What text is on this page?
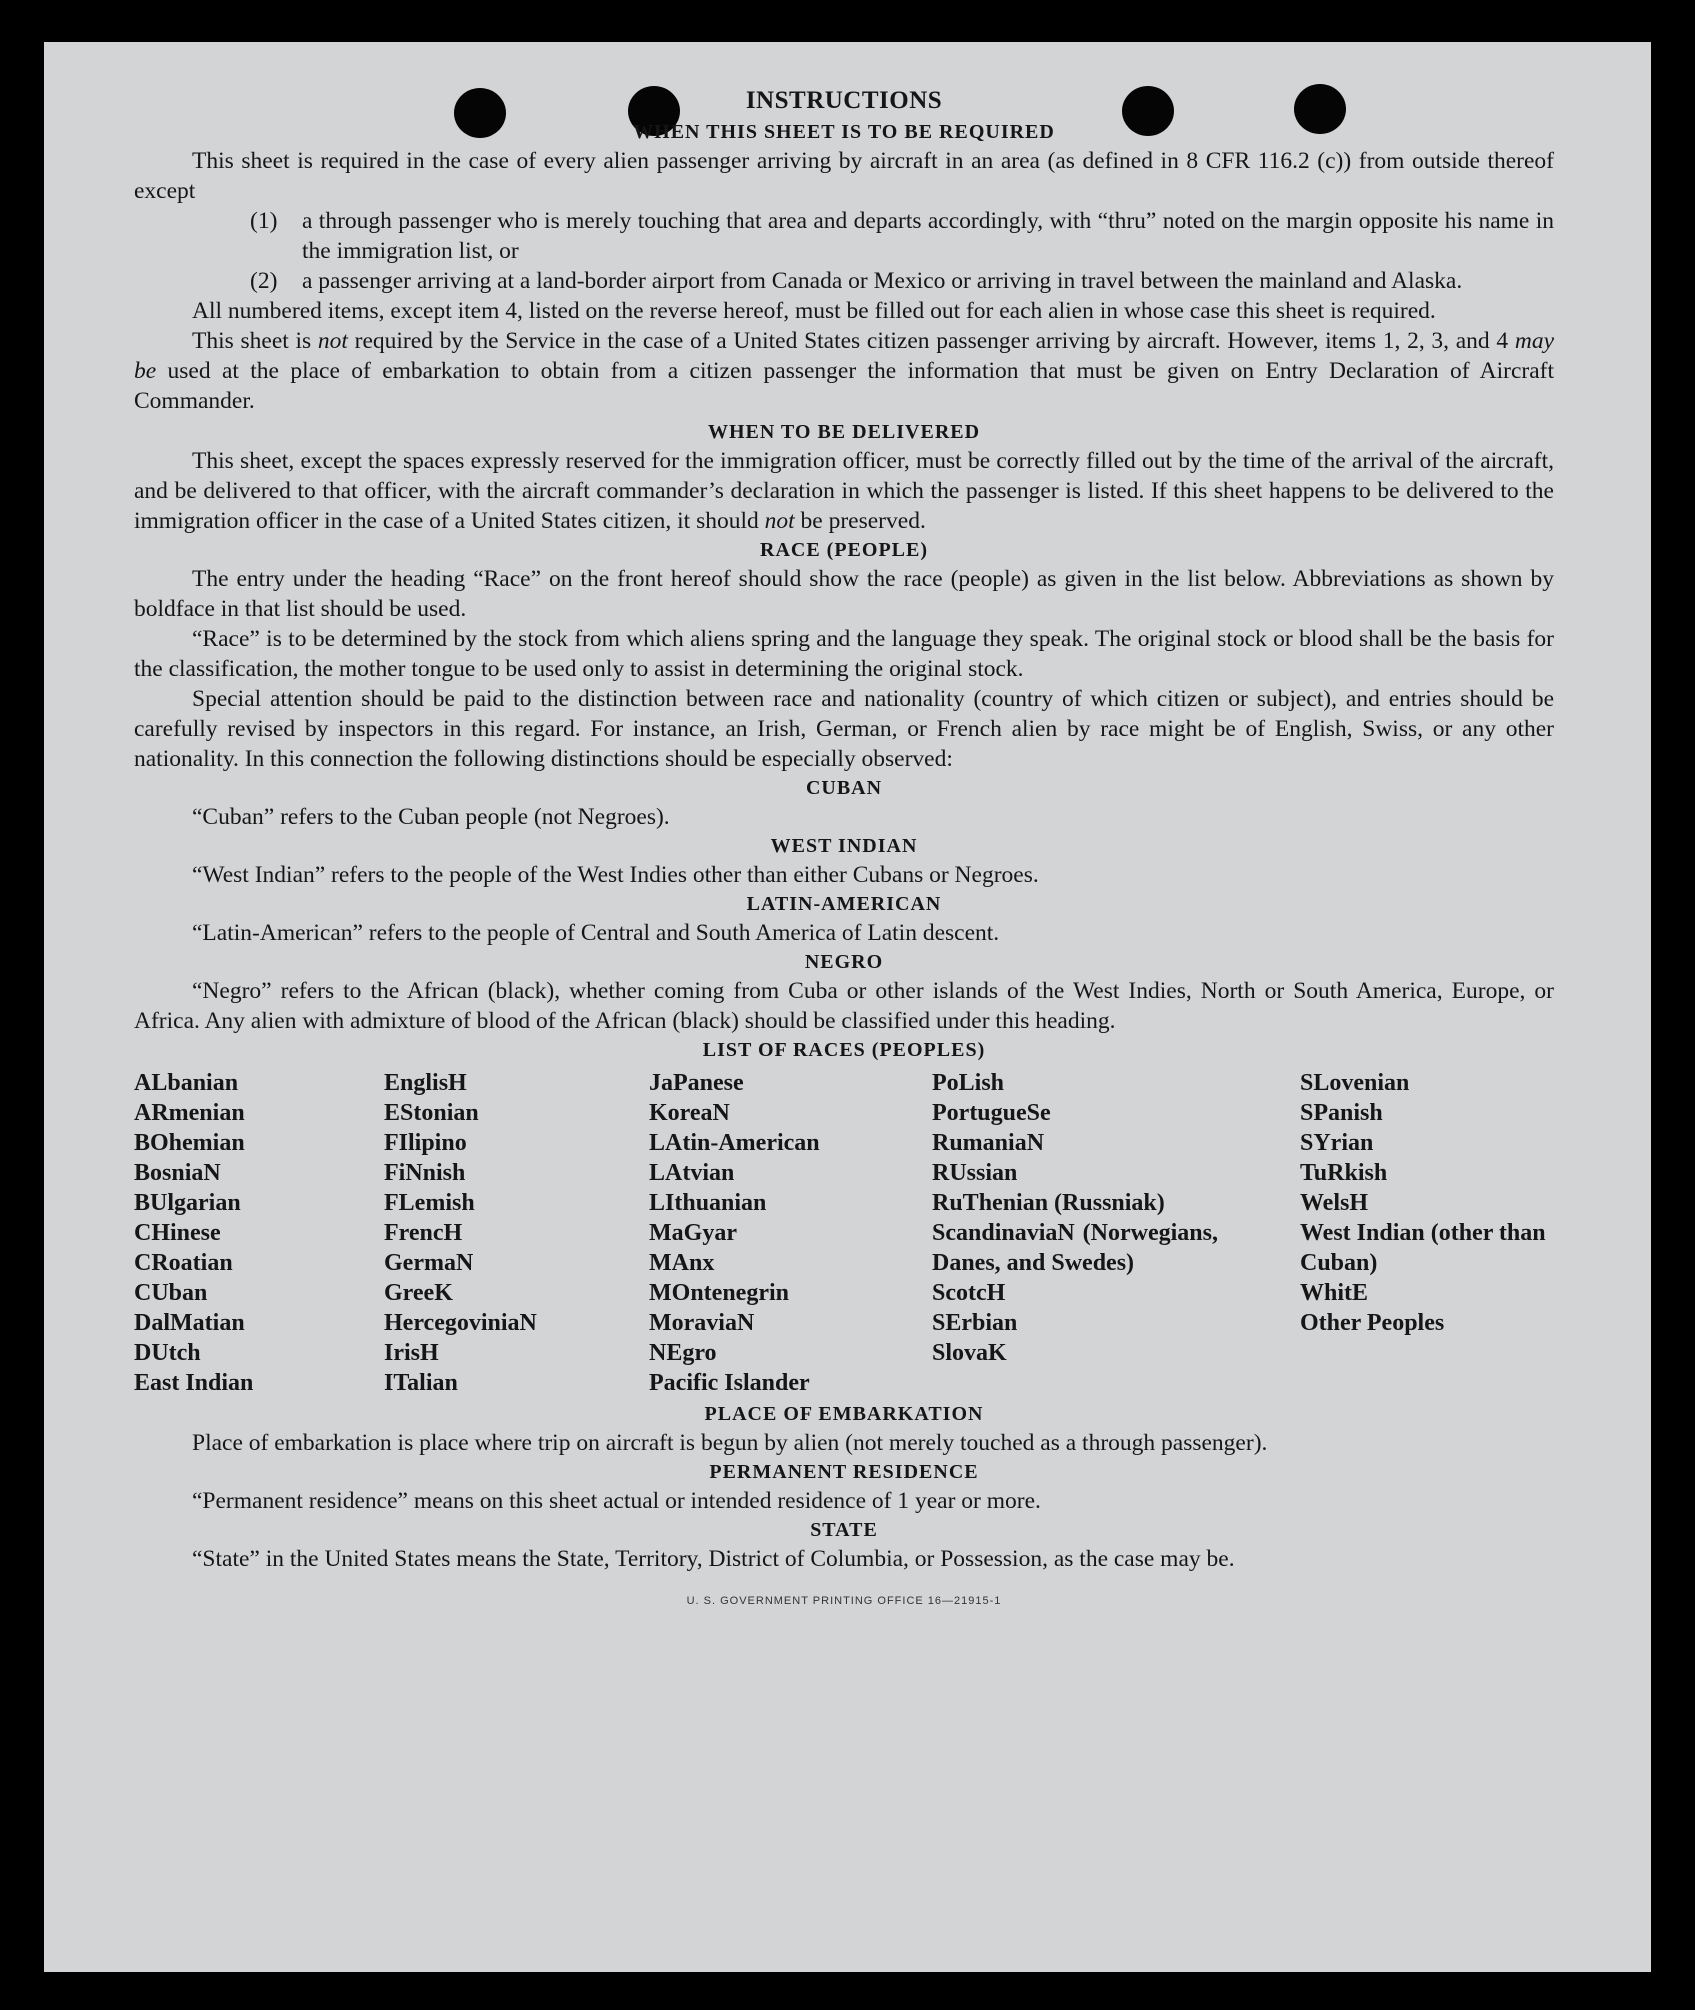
INSTRUCTIONS
WHEN THIS SHEET IS TO BE REQUIRED

This sheet is required in the case of every alien passenger arriving by aircraft in an area (as defined in 8 CFR 116.2 (c)) from outside thereof except

(1)	a through passenger who is merely touching that area and departs accordingly, with “thru” noted on the margin opposite his name in the immigration list, or
(2)	a passenger arriving at a land-border airport from Canada or Mexico or arriving in travel between the mainland and Alaska.

All numbered items, except item 4, listed on the reverse hereof, must be filled out for each alien in whose case this sheet is required.

This sheet is not required by the Service in the case of a United States citizen passenger arriving by aircraft. However, items 1, 2, 3, and 4 may be used at the place of embarkation to obtain from a citizen passenger the information that must be given on Entry Declaration of Aircraft Commander.

WHEN TO BE DELIVERED

This sheet, except the spaces expressly reserved for the immigration officer, must be correctly filled out by the time of the arrival of the aircraft, and be delivered to that officer, with the aircraft commander’s declaration in which the passenger is listed. If this sheet happens to be delivered to the immigration officer in the case of a United States citizen, it should not be preserved.

RACE (PEOPLE)

The entry under the heading “Race” on the front hereof should show the race (people) as given in the list below. Abbreviations as shown by boldface in that list should be used.

“Race” is to be determined by the stock from which aliens spring and the language they speak. The original stock or blood shall be the basis for the classification, the mother tongue to be used only to assist in determining the original stock.

Special attention should be paid to the distinction between race and nationality (country of which citizen or subject), and entries should be carefully revised by inspectors in this regard. For instance, an Irish, German, or French alien by race might be of English, Swiss, or any other nationality. In this connection the following distinctions should be especially observed:

CUBAN

“Cuban” refers to the Cuban people (not Negroes).

WEST INDIAN

“West Indian” refers to the people of the West Indies other than either Cubans or Negroes.

LATIN-AMERICAN

“Latin-American” refers to the people of Central and South America of Latin descent.

NEGRO

“Negro” refers to the African (black), whether coming from Cuba or other islands of the West Indies, North or South America, Europe, or Africa. Any alien with admixture of blood of the African (black) should be classified under this heading.

LIST OF RACES (PEOPLES)
ALbanian
ARmenian
BOhemian
BosniaN
BUlgarian
CHinese
CRoatian
CUban
DalMatian
DUtch
East Indian
EnglisH
EStonian
FIlipino
FiNnish
FLemish
FrencH
GermaN
GreeK
HercegoviniaN
IrisH
ITalian
JaPanese
KoreaN
LAtin-American
LAtvian
LIthuanian
MaGyar
MAnx
MOntenegrin
MoraviaN
NEgro
Pacific Islander
PoLish
PortugueSe
RumaniaN
RUssian
RuThenian (Russniak)
ScandinaviaN (Norwegians, Danes, and Swedes)
ScotcH
SErbian
SlovaK
SLovenian
SPanish
SYrian
TuRkish
WelsH
West Indian (other than Cuban)
WhitE
Other Peoples
PLACE OF EMBARKATION

Place of embarkation is place where trip on aircraft is begun by alien (not merely touched as a through passenger).

PERMANENT RESIDENCE

“Permanent residence” means on this sheet actual or intended residence of 1 year or more.

STATE

“State” in the United States means the State, Territory, District of Columbia, or Possession, as the case may be.

U. S. GOVERNMENT PRINTING OFFICE 16—21915-1
